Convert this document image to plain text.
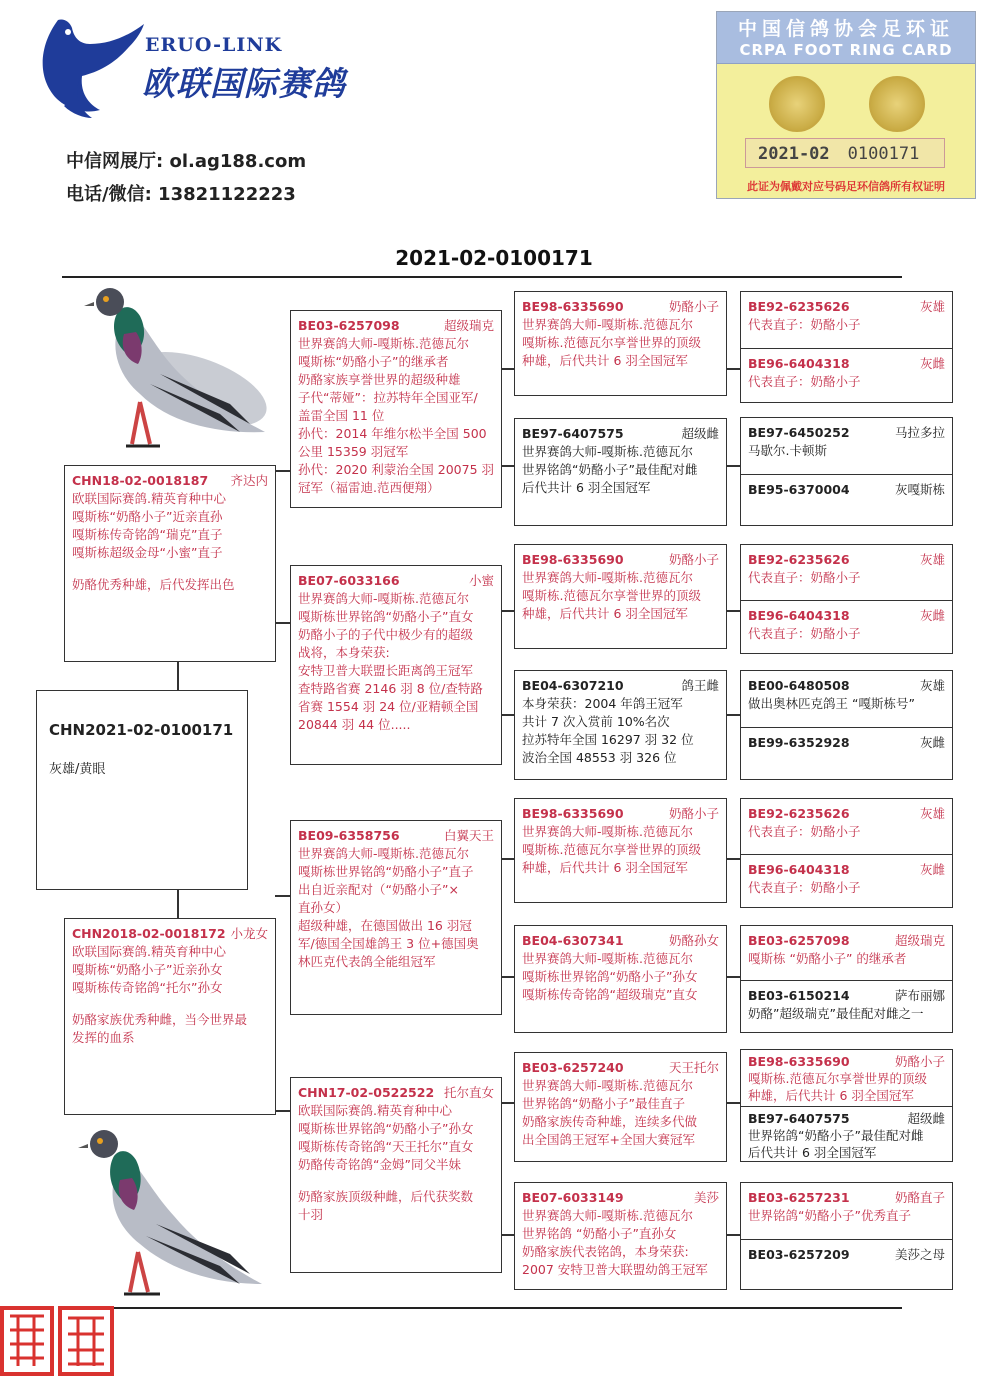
ERUO-LINK
欧联国际赛鸽
中信网展厅: ol.ag188.com
电话/微信: 13821122223
中国信鸽协会足环证
CRPA FOOT RING CARD
2021-02 0100171
此证为佩戴对应号码足环信鸽所有权证明
2021-02-0100171
CHN2021-02-0100171
灰雄/黄眼
CHN18-02-0018187 齐达内

欧联国际赛鸽.精英育种中心
嘎斯栋“奶酪小子”近亲直孙
嘎斯栋传奇铭鸽“瑞克”直子
嘎斯栋超级金母“小蜜”直子

奶酪优秀种雄，后代发挥出色

CHN2018-02-0018172 小龙女

欧联国际赛鸽.精英育种中心
嘎斯栋“奶酪小子”近亲孙女
嘎斯栋传奇铭鸽“托尔”孙女

奶酪家族优秀种雌，当今世界最
发挥的血系

BE03-6257098	超级瑞克

世界赛鸽大师-嘎斯栋.范德瓦尔
嘎斯栋“奶酪小子”的继承者
奶酪家族享誉世界的超级种雄
子代“蒂娅”：拉苏特年全国亚军/
盖雷全国 11 位
孙代：2014 年维尔松半全国 500
公里 15359 羽冠军
孙代：2020 利蒙治全国 20075 羽
冠军（福雷迪.范西便翔）

BE07-6033166	小蜜

世界赛鸽大师-嘎斯栋.范德瓦尔
嘎斯栋世界铭鸽“奶酪小子”直女
奶酪小子的子代中极少有的超级
战将，本身荣获:
安特卫普大联盟长距离鸽王冠军
查特路省赛 2146 羽 8 位/查特路
省赛 1554 羽 24 位/亚精顿全国
20844 羽 44 位.....

BE09-6358756	白翼天王

世界赛鸽大师-嘎斯栋.范德瓦尔
嘎斯栋世界铭鸽“奶酪小子”直子
出自近亲配对（“奶酪小子”×
直孙女）
超级种雄，在德国做出 16 羽冠
军/德国全国雄鸽王 3 位+德国奥
林匹克代表鸽全能组冠军

CHN17-02-0522522 托尔直女

欧联国际赛鸽.精英育种中心
嘎斯栋世界铭鸽“奶酪小子”孙女
嘎斯栋传奇铭鸽“天王托尔”直女
奶酪传奇铭鸽“金姆”同父半妹

奶酪家族顶级种雌，后代获奖数
十羽

BE98-6335690	奶酪小子

世界赛鸽大师-嘎斯栋.范德瓦尔
嘎斯栋.范德瓦尔享誉世界的顶级
种雄，后代共计 6 羽全国冠军

BE97-6407575	超级雌

世界赛鸽大师-嘎斯栋.范德瓦尔
世界铭鸽“奶酪小子”最佳配对雌
后代共计 6 羽全国冠军

BE98-6335690	奶酪小子

世界赛鸽大师-嘎斯栋.范德瓦尔
嘎斯栋.范德瓦尔享誉世界的顶级
种雄，后代共计 6 羽全国冠军

BE04-6307210	鸽王雌

本身荣获：2004 年鸽王冠军
共计 7 次入赏前 10%名次
拉苏特年全国 16297 羽 32 位
波治全国 48553 羽 326 位

BE98-6335690	奶酪小子

世界赛鸽大师-嘎斯栋.范德瓦尔
嘎斯栋.范德瓦尔享誉世界的顶级
种雄，后代共计 6 羽全国冠军

BE04-6307341	奶酪孙女

世界赛鸽大师-嘎斯栋.范德瓦尔
嘎斯栋世界铭鸽“奶酪小子”孙女
嘎斯栋传奇铭鸽“超级瑞克”直女

BE03-6257240	天王托尔

世界赛鸽大师-嘎斯栋.范德瓦尔
世界铭鸽“奶酪小子”最佳直子
奶酪家族传奇种雄，连续多代做
出全国鸽王冠军+全国大赛冠军

BE07-6033149	美莎

世界赛鸽大师-嘎斯栋.范德瓦尔
世界铭鸽 “奶酪小子”直孙女
奶酪家族代表铭鸽，本身荣获:
2007 安特卫普大联盟幼鸽王冠军

BE92-6235626	灰雄

代表直子：奶酪小子

BE96-6404318	灰雌

代表直子：奶酪小子

BE97-6450252	马拉多拉

马歇尔.卡顿斯

BE95-6370004	灰嘎斯栋

BE92-6235626	灰雄

代表直子：奶酪小子

BE96-6404318	灰雌

代表直子：奶酪小子

BE00-6480508	灰雄

做出奥林匹克鸽王 “嘎斯栋号”

BE99-6352928	灰雌

BE92-6235626	灰雄

代表直子：奶酪小子

BE96-6404318	灰雌

代表直子：奶酪小子

BE03-6257098	超级瑞克

嘎斯栋 “奶酪小子” 的继承者

BE03-6150214	萨布丽娜

奶酪”超级瑞克”最佳配对雌之一

BE98-6335690	奶酪小子

嘎斯栋.范德瓦尔享誉世界的顶级
种雄，后代共计 6 羽全国冠军

BE97-6407575	超级雌

世界铭鸽“奶酪小子”最佳配对雌
后代共计 6 羽全国冠军

BE03-6257231	奶酪直子

世界铭鸽“奶酪小子”优秀直子

BE03-6257209	美莎之母
